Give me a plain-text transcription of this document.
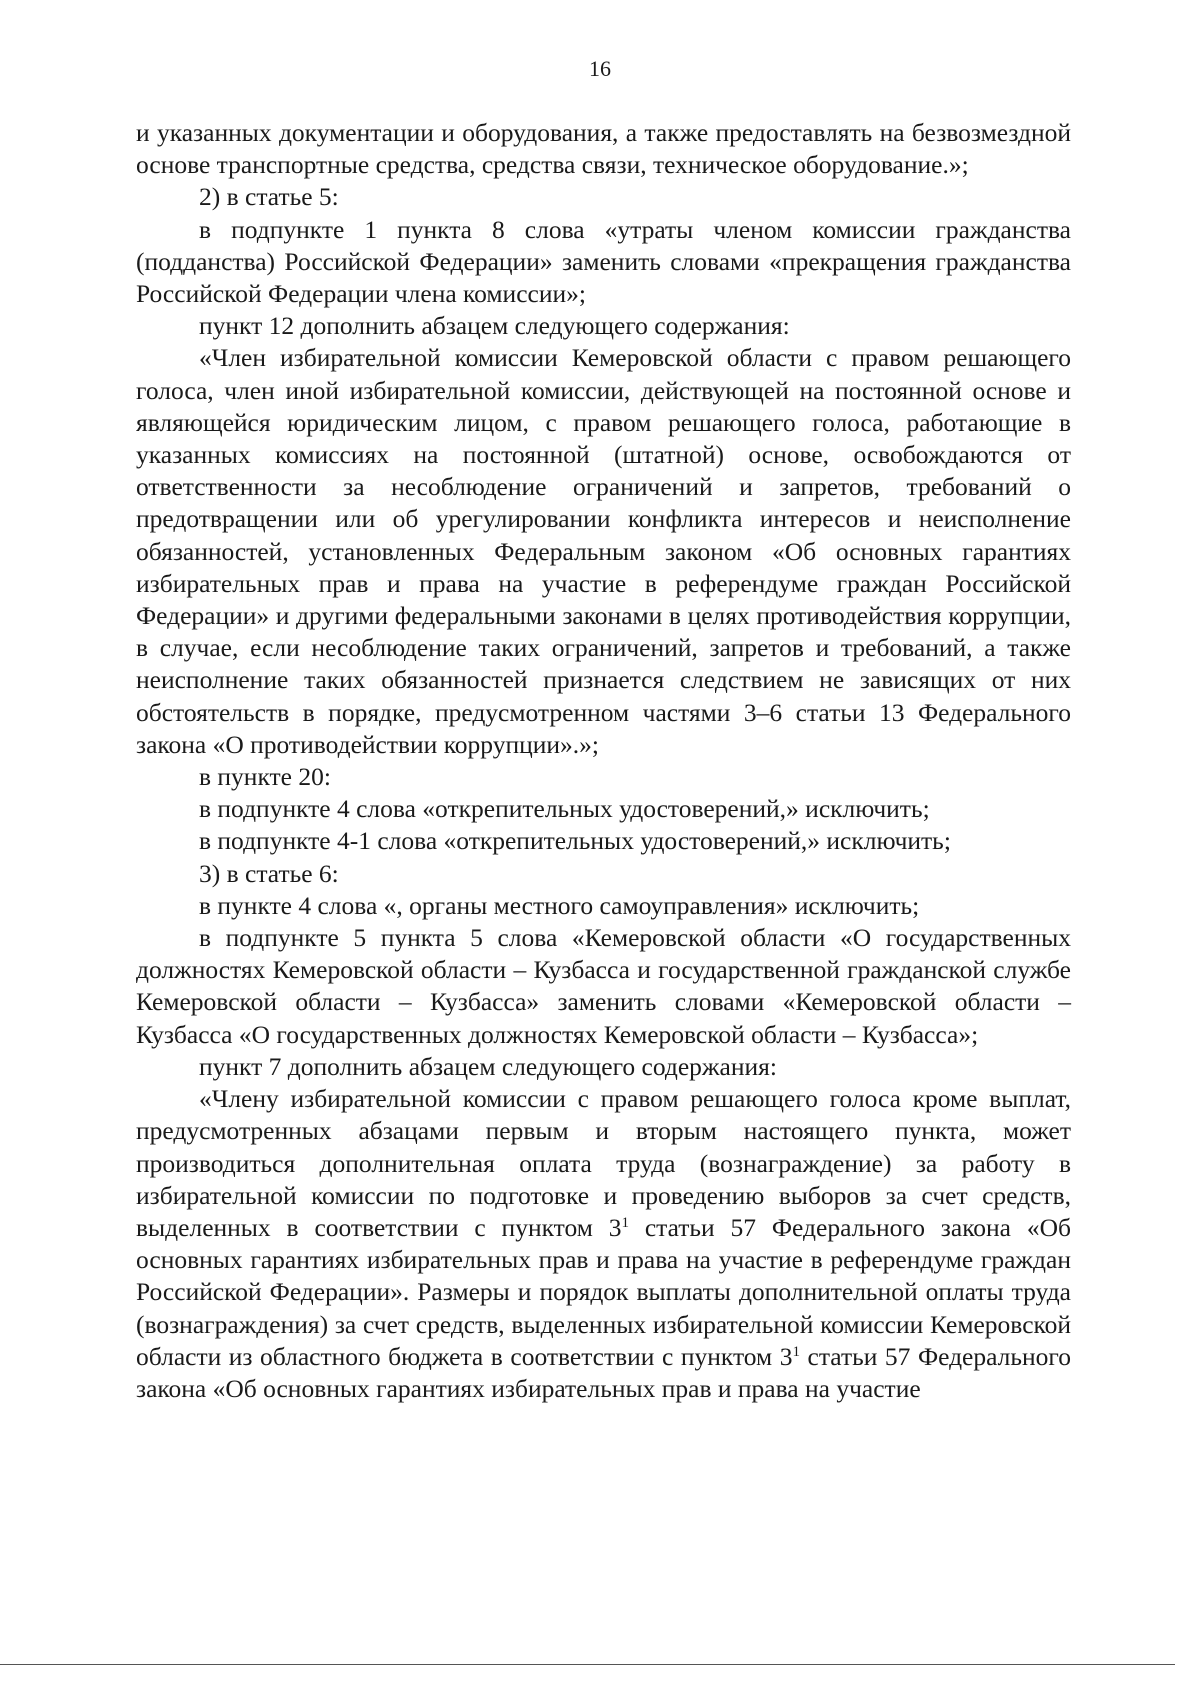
16

и указанных документации и оборудования, а также предоставлять на безвозмездной основе транспортные средства, средства связи, техническое оборудование.»;

2) в статье 5:

в подпункте 1 пункта 8 слова «утраты членом комиссии гражданства (подданства) Российской Федерации» заменить словами «прекращения гражданства Российской Федерации члена комиссии»;

пункт 12 дополнить абзацем следующего содержания:

«Член избирательной комиссии Кемеровской области с правом решающего голоса, член иной избирательной комиссии, действующей на постоянной основе и являющейся юридическим лицом, с правом решающего голоса, работающие в указанных комиссиях на постоянной (штатной) основе, освобождаются от ответственности за несоблюдение ограничений и запретов, требований о предотвращении или об урегулировании конфликта интересов и неисполнение обязанностей, установленных Федеральным законом «Об основных гарантиях избирательных прав и права на участие в референдуме граждан Российской Федерации» и другими федеральными законами в целях противодействия коррупции, в случае, если несоблюдение таких ограничений, запретов и требований, а также неисполнение таких обязанностей признается следствием не зависящих от них обстоятельств в порядке, предусмотренном частями 3–6 статьи 13 Федерального закона «О противодействии коррупции».»;

в пункте 20:

в подпункте 4 слова «открепительных удостоверений,» исключить;

в подпункте 4-1 слова «открепительных удостоверений,» исключить;

3) в статье 6:

в пункте 4 слова «, органы местного самоуправления» исключить;

в подпункте 5 пункта 5 слова «Кемеровской области «О государственных должностях Кемеровской области – Кузбасса и государственной гражданской службе Кемеровской области – Кузбасса» заменить словами «Кемеровской области – Кузбасса «О государственных должностях Кемеровской области – Кузбасса»;

пункт 7 дополнить абзацем следующего содержания:

«Члену избирательной комиссии с правом решающего голоса кроме выплат, предусмотренных абзацами первым и вторым настоящего пункта, может производиться дополнительная оплата труда (вознаграждение) за работу в избирательной комиссии по подготовке и проведению выборов за счет средств, выделенных в соответствии с пунктом $3^1$ статьи 57 Федерального закона «Об основных гарантиях избирательных прав и права на участие в референдуме граждан Российской Федерации». Размеры и порядок выплаты дополнительной оплаты труда (вознаграждения) за счет средств, выделенных избирательной комиссии Кемеровской области из областного бюджета в соответствии с пунктом $3^1$ статьи 57 Федерального закона «Об основных гарантиях избирательных прав и права на участие
